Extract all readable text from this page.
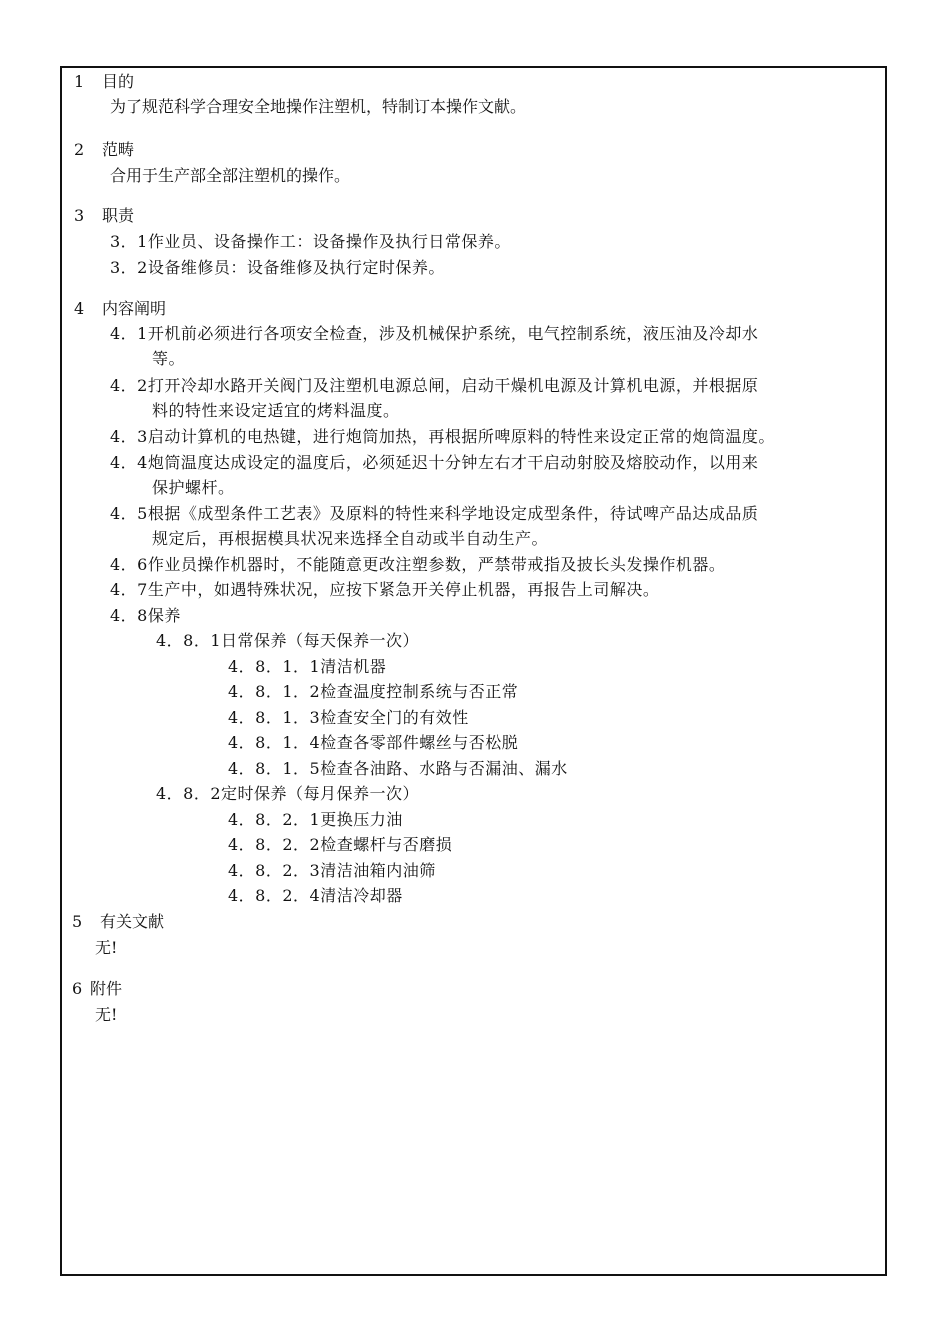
1 目的
为了规范科学合理安全地操作注塑机，特制订本操作文献。
2 范畴
合用于生产部全部注塑机的操作。
3 职责
3．1作业员、设备操作工：设备操作及执行日常保养。
3．2设备维修员：设备维修及执行定时保养。
4 内容阐明
4．1开机前必须进行各项安全检查，涉及机械保护系统，电气控制系统，液压油及冷却水
等。
4．2打开冷却水路开关阀门及注塑机电源总闸，启动干燥机电源及计算机电源，并根据原
料的特性来设定适宜的烤料温度。
4．3启动计算机的电热键，进行炮筒加热，再根据所啤原料的特性来设定正常的炮筒温度。
4．4炮筒温度达成设定的温度后，必须延迟十分钟左右才干启动射胶及熔胶动作，以用来
保护螺杆。
4．5根据《成型条件工艺表》及原料的特性来科学地设定成型条件，待试啤产品达成品质
规定后，再根据模具状况来选择全自动或半自动生产。
4．6作业员操作机器时，不能随意更改注塑参数，严禁带戒指及披长头发操作机器。
4．7生产中，如遇特殊状况，应按下紧急开关停止机器，再报告上司解决。
4．8保养
4．8．1日常保养（每天保养一次）
4．8．1．1清洁机器
4．8．1．2检查温度控制系统与否正常
4．8．1．3检查安全门的有效性
4．8．1．4检查各零部件螺丝与否松脱
4．8．1．5检查各油路、水路与否漏油、漏水
4．8．2定时保养（每月保养一次）
4．8．2．1更换压力油
4．8．2．2检查螺杆与否磨损
4．8．2．3清洁油箱内油筛
4．8．2．4清洁冷却器
5 有关文献
无!
6 附件
无!
